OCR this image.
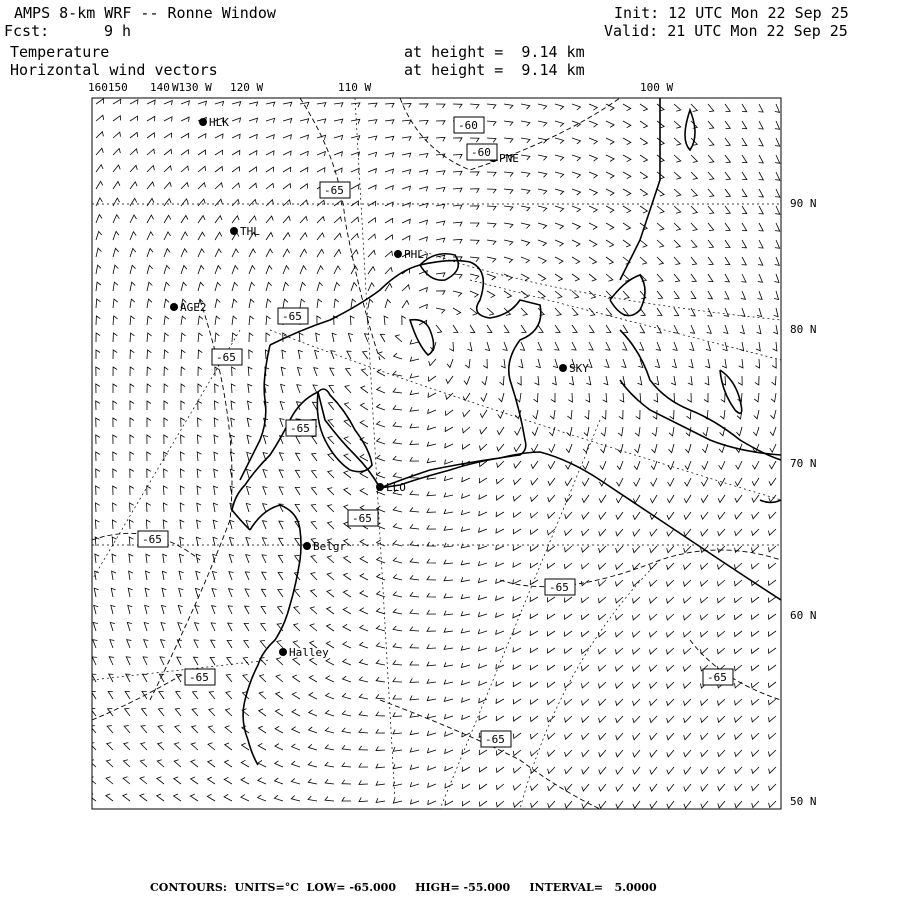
AMPS 8-km WRF -- Ronne Window
Fcst:	9 h
Init: 12 UTC Mon 22 Sep 25
Valid: 21 UTC Mon 22 Sep 25
Temperature	at height =  9.14 km
Horizontal wind vectors	at height =  9.14 km
160150 140 W130 W 120 W	110 W	100 W
90 N
80 N
70 N
60 N
50 N
HLK
PNE
THL
PHL
AGE2
SKY
LLO
Belgr
Halley
-60
-60
-65
-65
-65
-65
-65
-65
-65
-65	-65
-65
CONTOURS:  UNITS=°C  LOW= -65.000     HIGH= -55.000     INTERVAL=   5.0000
